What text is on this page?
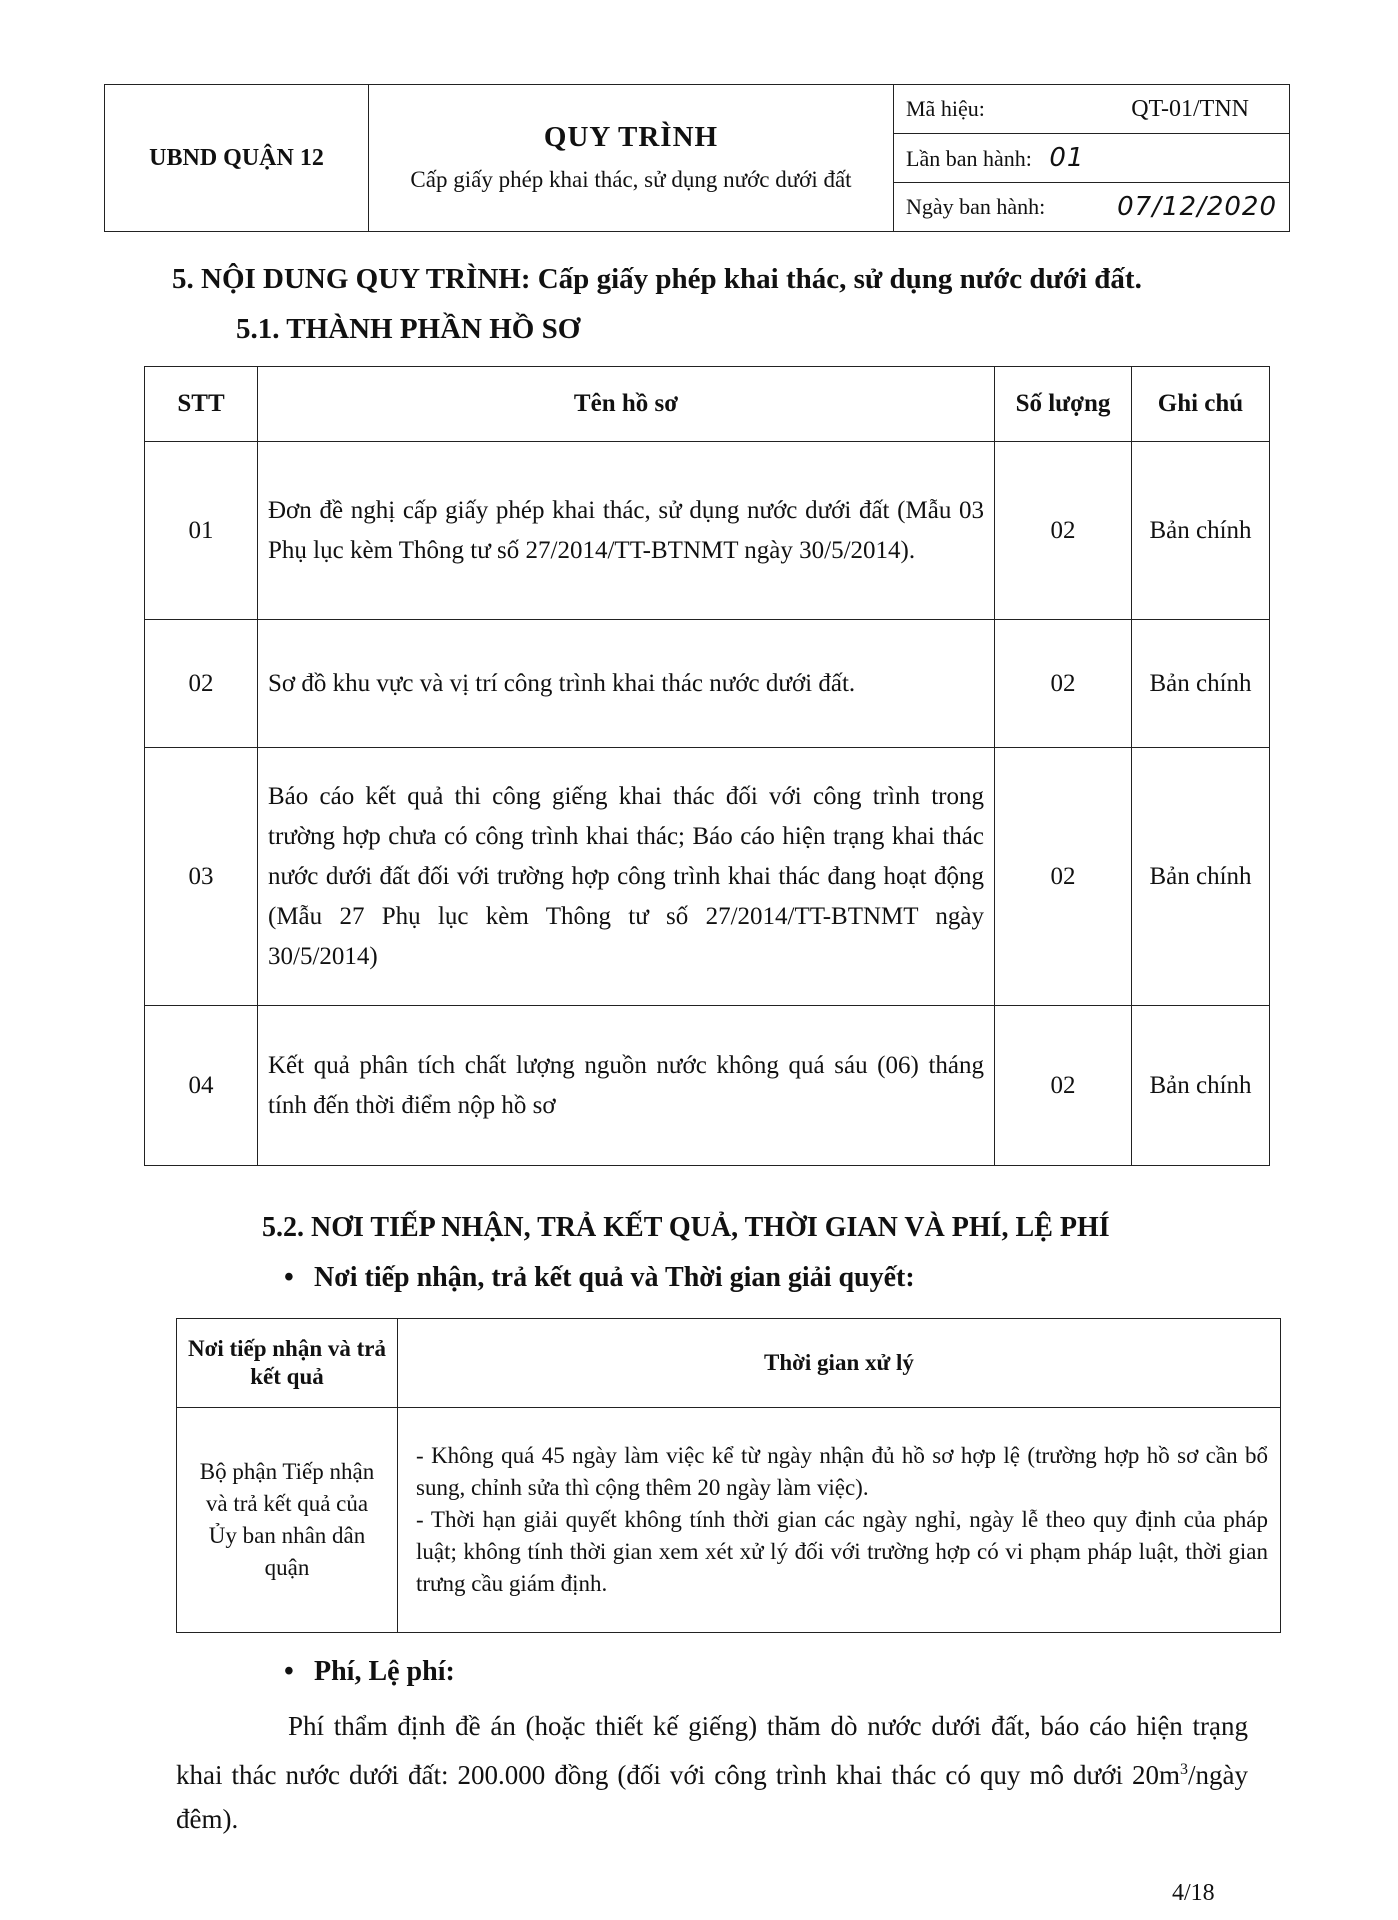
UBND QUẬN 12	
QUY TRÌNH
Cấp giấy phép khai thác, sử dụng nước dưới đất

Mã hiệu:	QT-01/TNN

Lần ban hành: 01

Ngày ban hành:	07/12/2020
5. NỘI DUNG QUY TRÌNH: Cấp giấy phép khai thác, sử dụng nước dưới đất.
5.1. THÀNH PHẦN HỒ SƠ
STT	Tên hồ sơ	Số lượng	Ghi chú
01	Đơn đề nghị cấp giấy phép khai thác, sử dụng nước dưới đất (Mẫu 03 Phụ lục kèm Thông tư số 27/2014/TT-BTNMT ngày 30/5/2014).	02	Bản chính
02	Sơ đồ khu vực và vị trí công trình khai thác nước dưới đất.	02	Bản chính
03	Báo cáo kết quả thi công giếng khai thác đối với công trình trong trường hợp chưa có công trình khai thác; Báo cáo hiện trạng khai thác nước dưới đất đối với trường hợp công trình khai thác đang hoạt động (Mẫu 27 Phụ lục kèm Thông tư số 27/2014/TT-BTNMT ngày 30/5/2014)	02	Bản chính
04	Kết quả phân tích chất lượng nguồn nước không quá sáu (06) tháng tính đến thời điểm nộp hồ sơ	02	Bản chính
5.2. NƠI TIẾP NHẬN, TRẢ KẾT QUẢ, THỜI GIAN VÀ PHÍ, LỆ PHÍ
• Nơi tiếp nhận, trả kết quả và Thời gian giải quyết:
Nơi tiếp nhận và trả kết quả	Thời gian xử lý
Bộ phận Tiếp nhận và trả kết quả của Ủy ban nhân dân quận	- Không quá 45 ngày làm việc kể từ ngày nhận đủ hồ sơ hợp lệ (trường hợp hồ sơ cần bổ sung, chỉnh sửa thì cộng thêm 20 ngày làm việc).
- Thời hạn giải quyết không tính thời gian các ngày nghỉ, ngày lễ theo quy định của pháp luật; không tính thời gian xem xét xử lý đối với trường hợp có vi phạm pháp luật, thời gian trưng cầu giám định.
• Phí, Lệ phí:
Phí thẩm định đề án (hoặc thiết kế giếng) thăm dò nước dưới đất, báo cáo hiện trạng khai thác nước dưới đất: 200.000 đồng (đối với công trình khai thác có quy mô dưới $20m^3$/ngày đêm).
4/18
